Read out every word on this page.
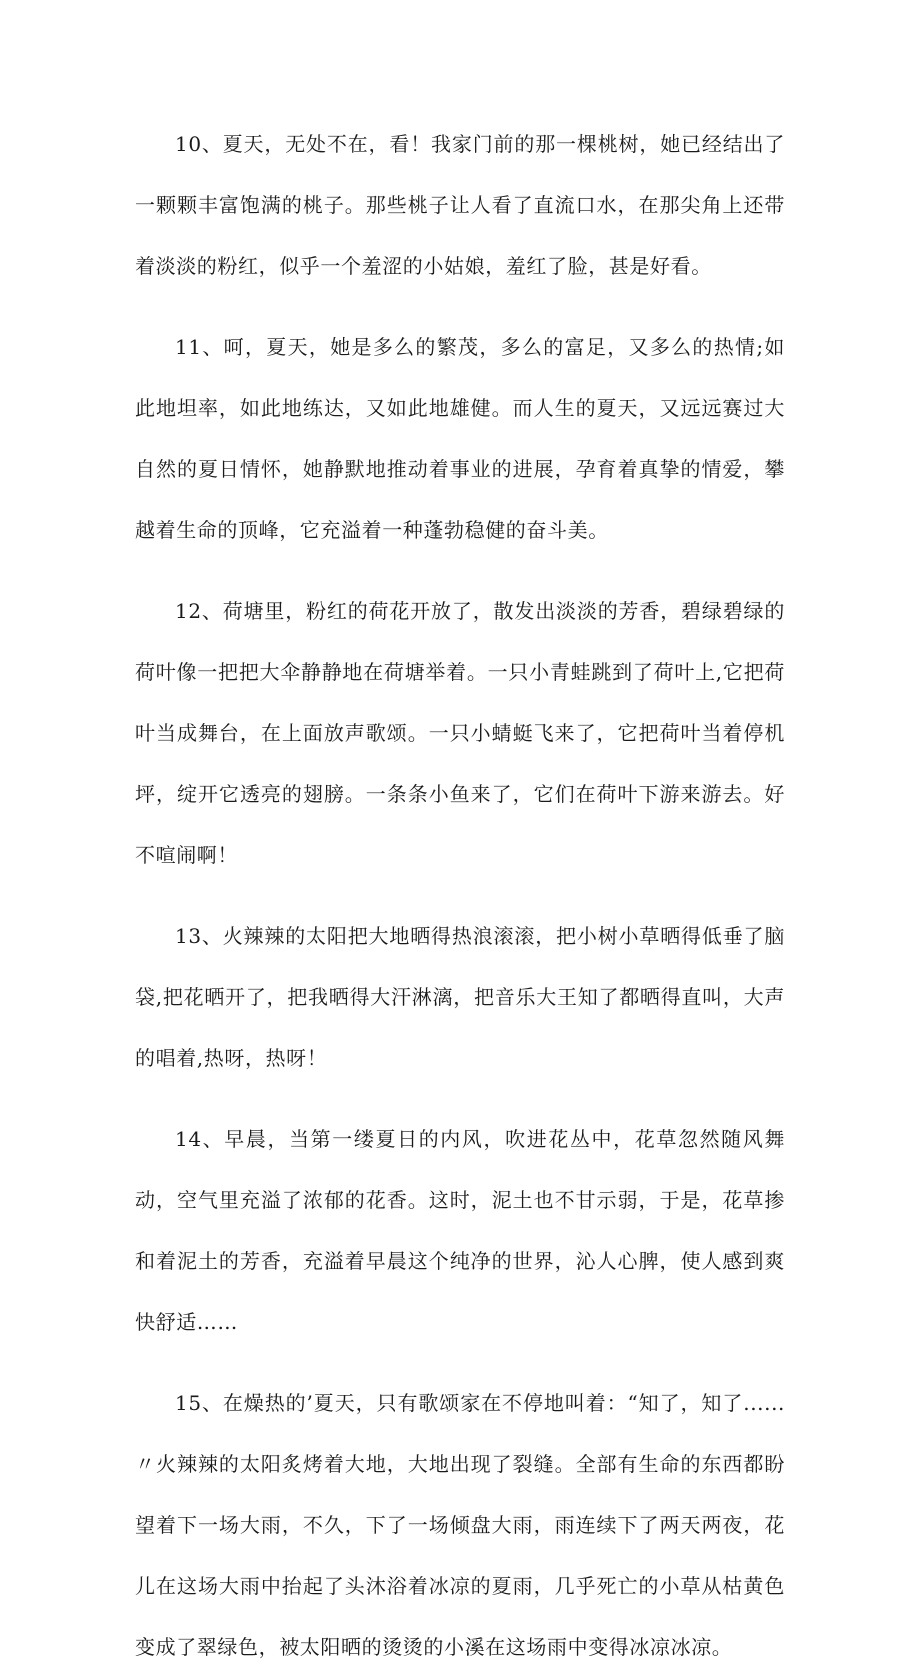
10、夏天，无处不在，看！我家门前的那一棵桃树，她已经结出了一颗颗丰富饱满的桃子。那些桃子让人看了直流口水，在那尖角上还带着淡淡的粉红，似乎一个羞涩的小姑娘，羞红了脸，甚是好看。

11、呵，夏天，她是多么的繁茂，多么的富足，又多么的热情;如此地坦率，如此地练达，又如此地雄健。而人生的夏天，又远远赛过大自然的夏日情怀，她静默地推动着事业的进展，孕育着真挚的情爱，攀越着生命的顶峰，它充溢着一种蓬勃稳健的奋斗美。

12、荷塘里，粉红的荷花开放了，散发出淡淡的芳香，碧绿碧绿的荷叶像一把把大伞静静地在荷塘举着。一只小青蛙跳到了荷叶上,它把荷叶当成舞台，在上面放声歌颂。一只小蜻蜓飞来了，它把荷叶当着停机坪，绽开它透亮的翅膀。一条条小鱼来了，它们在荷叶下游来游去。好不喧闹啊！

13、火辣辣的太阳把大地晒得热浪滚滚，把小树小草晒得低垂了脑袋,把花晒开了，把我晒得大汗淋漓，把音乐大王知了都晒得直叫，大声的唱着,热呀，热呀！

14、早晨，当第一缕夏日的内风，吹进花丛中，花草忽然随风舞动，空气里充溢了浓郁的花香。这时，泥土也不甘示弱，于是，花草掺和着泥土的芳香，充溢着早晨这个纯净的世界，沁人心脾，使人感到爽快舒适……

15、在燥热的’夏天，只有歌颂家在不停地叫着：“知了，知了......〃火辣辣的太阳炙烤着大地，大地出现了裂缝。全部有生命的东西都盼望着下一场大雨，不久，下了一场倾盘大雨，雨连续下了两天两夜，花儿在这场大雨中抬起了头沐浴着冰凉的夏雨，几乎死亡的小草从枯黄色变成了翠绿色，被太阳晒的烫烫的小溪在这场雨中变得冰凉冰凉。
